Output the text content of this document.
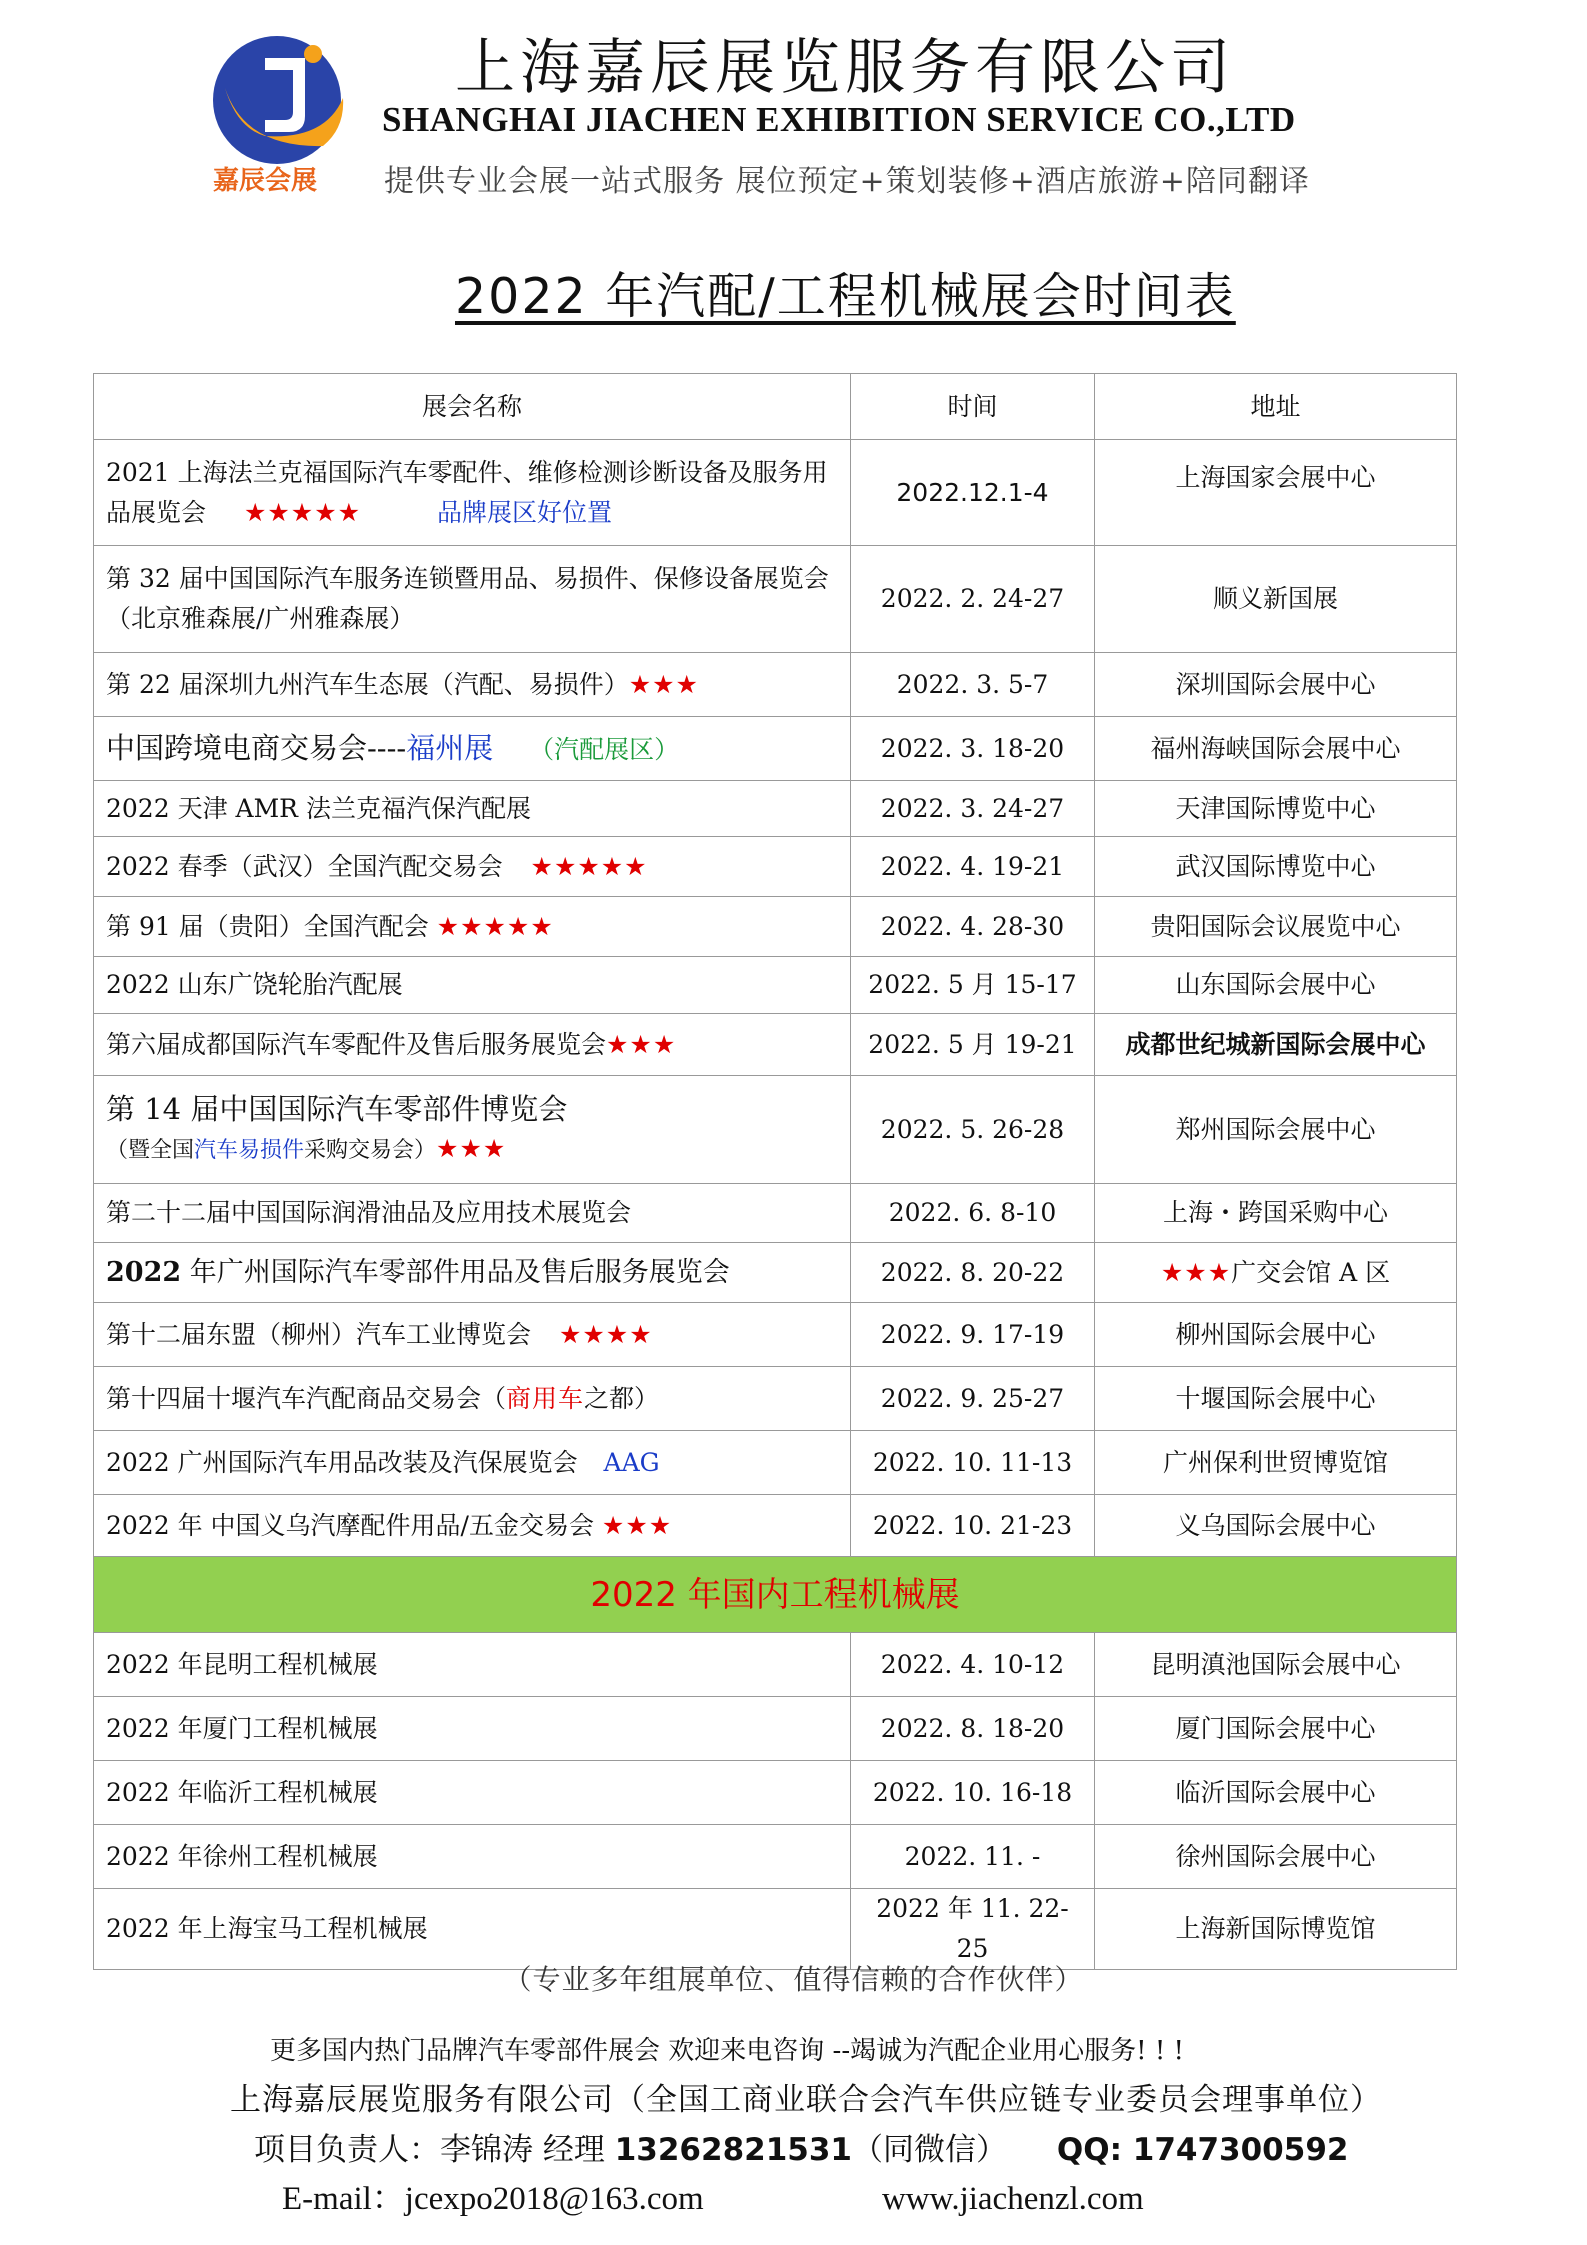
嘉辰会展
上海嘉辰展览服务有限公司
SHANGHAI JIACHEN EXHIBITION SERVICE CO.,LTD
提供专业会展一站式服务 展位预定+策划装修+酒店旅游+陪同翻译
2022 年汽配/工程机械展会时间表
展会名称	时间	地址
2021 上海法兰克福国际汽车零配件、维修检测诊断设备及服务用品展览会 ★★★★★ 品牌展区好位置	2022.12.1-4	上海国家会展中心
第 32 届中国国际汽车服务连锁暨用品、易损件、保修设备展览会 （北京雅森展/广州雅森展）	2022. 2. 24-27	顺义新国展
第 22 届深圳九州汽车生态展（汽配、易损件）★★★	2022. 3. 5-7	深圳国际会展中心
中国跨境电商交易会----福州展 （汽配展区）	2022. 3. 18-20	福州海峡国际会展中心
2022 天津 AMR 法兰克福汽保汽配展	2022. 3. 24-27	天津国际博览中心
2022 春季（武汉）全国汽配交易会 ★★★★★	2022. 4. 19-21	武汉国际博览中心
第 91 届（贵阳）全国汽配会 ★★★★★	2022. 4. 28-30	贵阳国际会议展览中心
2022 山东广饶轮胎汽配展	2022. 5 月 15-17	山东国际会展中心
第六届成都国际汽车零配件及售后服务展览会★★★	2022. 5 月 19-21	成都世纪城新国际会展中心

第 14 届中国国际汽车零部件博览会
（暨全国汽车易损件采购交易会）★★★	2022. 5. 26-28	郑州国际会展中心
第二十二届中国国际润滑油品及应用技术展览会	2022. 6. 8-10	上海・跨国采购中心
2022 年广州国际汽车零部件用品及售后服务展览会	2022. 8. 20-22	★★★广交会馆 A 区
第十二届东盟（柳州）汽车工业博览会 ★★★★	2022. 9. 17-19	柳州国际会展中心
第十四届十堰汽车汽配商品交易会（商用车之都）	2022. 9. 25-27	十堰国际会展中心
2022 广州国际汽车用品改装及汽保展览会 AAG	2022. 10. 11-13	广州保利世贸博览馆
2022 年 中国义乌汽摩配件用品/五金交易会 ★★★	2022. 10. 21-23	义乌国际会展中心
2022 年国内工程机械展		
2022 年昆明工程机械展	2022. 4. 10-12	昆明滇池国际会展中心
2022 年厦门工程机械展	2022. 8. 18-20	厦门国际会展中心
2022 年临沂工程机械展	2022. 10. 16-18	临沂国际会展中心
2022 年徐州工程机械展	2022. 11. -	徐州国际会展中心
2022 年上海宝马工程机械展	2022 年 11. 22-25	上海新国际博览馆
（专业多年组展单位、值得信赖的合作伙伴）
更多国内热门品牌汽车零部件展会 欢迎来电咨询 --竭诚为汽配企业用心服务! ! !
上海嘉辰展览服务有限公司（全国工商业联合会汽车供应链专业委员会理事单位）
项目负责人：李锦涛 经理 13262821531（同微信） QQ: 1747300592
E-mail：jcexpo2018@163.com	www.jiachenzl.com
